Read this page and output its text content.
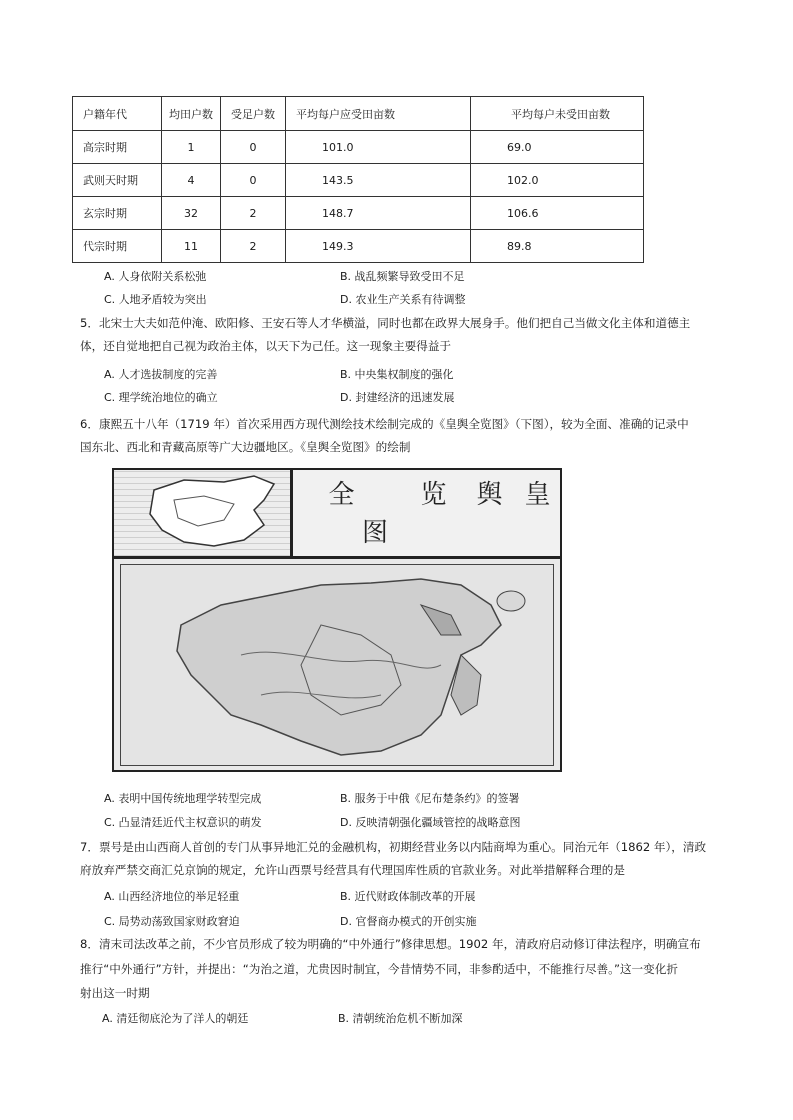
户籍年代	均田户数	受足户数	平均每户应受田亩数	平均每户未受田亩数
高宗时期	1	0	101.0	69.0
武则天时期	4	0	143.5	102.0
玄宗时期	32	2	148.7	106.6
代宗时期	11	2	149.3	89.8
A. 人身依附关系松弛	B. 战乱频繁导致受田不足
C. 人地矛盾较为突出	D. 农业生产关系有待调整
5．北宋士大夫如范仲淹、欧阳修、王安石等人才华横溢，同时也都在政界大展身手。他们把自己当做文化主体和道德主
体，还自觉地把自己视为政治主体，以天下为己任。这一现象主要得益于
A. 人才选拔制度的完善	B. 中央集权制度的强化
C. 理学统治地位的确立	D. 封建经济的迅速发展
6．康熙五十八年（1719 年）首次采用西方现代测绘技术绘制完成的《皇舆全览图》（下图），较为全面、准确的记录中
国东北、西北和青藏高原等广大边疆地区。《皇舆全览图》的绘制
全
图
览 舆 皇
A. 表明中国传统地理学转型完成	B. 服务于中俄《尼布楚条约》的签署
C. 凸显清廷近代主权意识的萌发	D. 反映清朝强化疆域管控的战略意图
7．票号是由山西商人首创的专门从事异地汇兑的金融机构，初期经营业务以内陆商埠为重心。同治元年（1862 年），清政
府放弃严禁交商汇兑京饷的规定，允许山西票号经营具有代理国库性质的官款业务。对此举措解释合理的是
A. 山西经济地位的举足轻重	B. 近代财政体制改革的开展
C. 局势动荡致国家财政窘迫	D. 官督商办模式的开创实施
8．清末司法改革之前，不少官员形成了较为明确的“中外通行”修律思想。1902 年，清政府启动修订律法程序，明确宣布
推行“中外通行”方针，并提出：“为治之道，尤贵因时制宜，今昔情势不同，非参酌适中，不能推行尽善。”这一变化折
射出这一时期
A. 清廷彻底沦为了洋人的朝廷	B. 清朝统治危机不断加深
